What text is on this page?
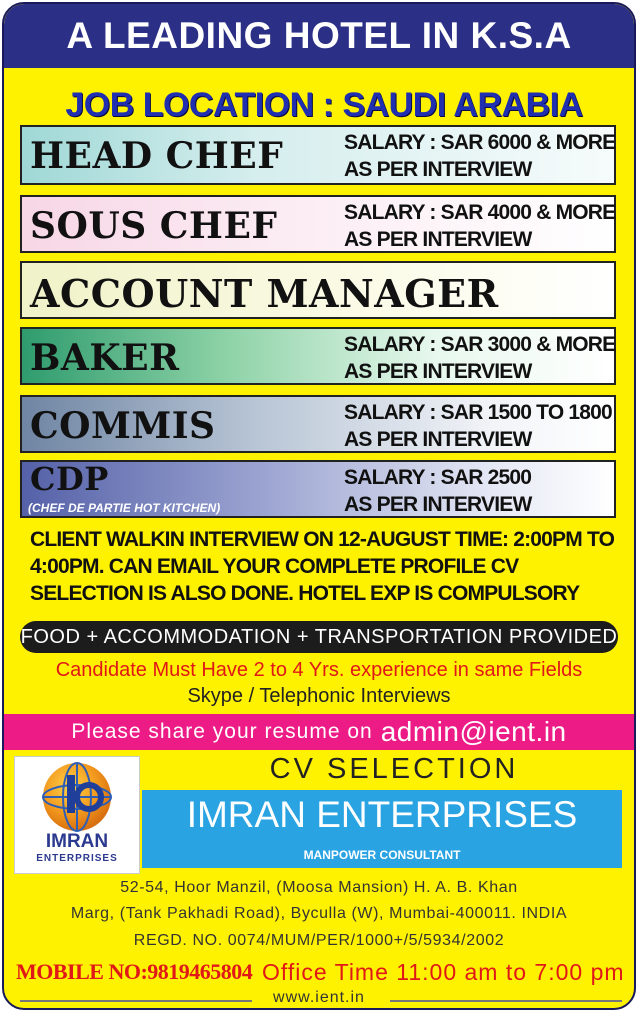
A LEADING HOTEL IN K.S.A
JOB LOCATION : SAUDI ARABIA
HEAD CHEF	SALARY : SAR 6000 & MORE
AS PER INTERVIEW
SOUS CHEF	SALARY : SAR 4000 & MORE
AS PER INTERVIEW
ACCOUNT MANAGER
BAKER	SALARY : SAR 3000 & MORE
AS PER INTERVIEW
COMMIS	SALARY : SAR 1500 TO 1800
AS PER INTERVIEW
CDP
(CHEF DE PARTIE HOT KITCHEN)
SALARY : SAR 2500
AS PER INTERVIEW
CLIENT WALKIN INTERVIEW ON 12-AUGUST TIME: 2:00PM TO 4:00PM. CAN EMAIL YOUR COMPLETE PROFILE CV SELECTION IS ALSO DONE. HOTEL EXP IS COMPULSORY
FOOD + ACCOMMODATION + TRANSPORTATION PROVIDED
Candidate Must Have 2 to 4 Yrs. experience in same Fields
Skype / Telephonic Interviews
Please share your resume on admin@ient.in
IMRAN
ENTERPRISES
CV SELECTION
IMRAN ENTERPRISES
MANPOWER CONSULTANT
52-54, Hoor Manzil, (Moosa Mansion) H. A. B. Khan
Marg, (Tank Pakhadi Road), Byculla (W), Mumbai-400011. INDIA
REGD. NO. 0074/MUM/PER/1000+/5/5934/2002
MOBILE NO:9819465804 Office Time 11:00 am to 7:00 pm
www.ient.in
